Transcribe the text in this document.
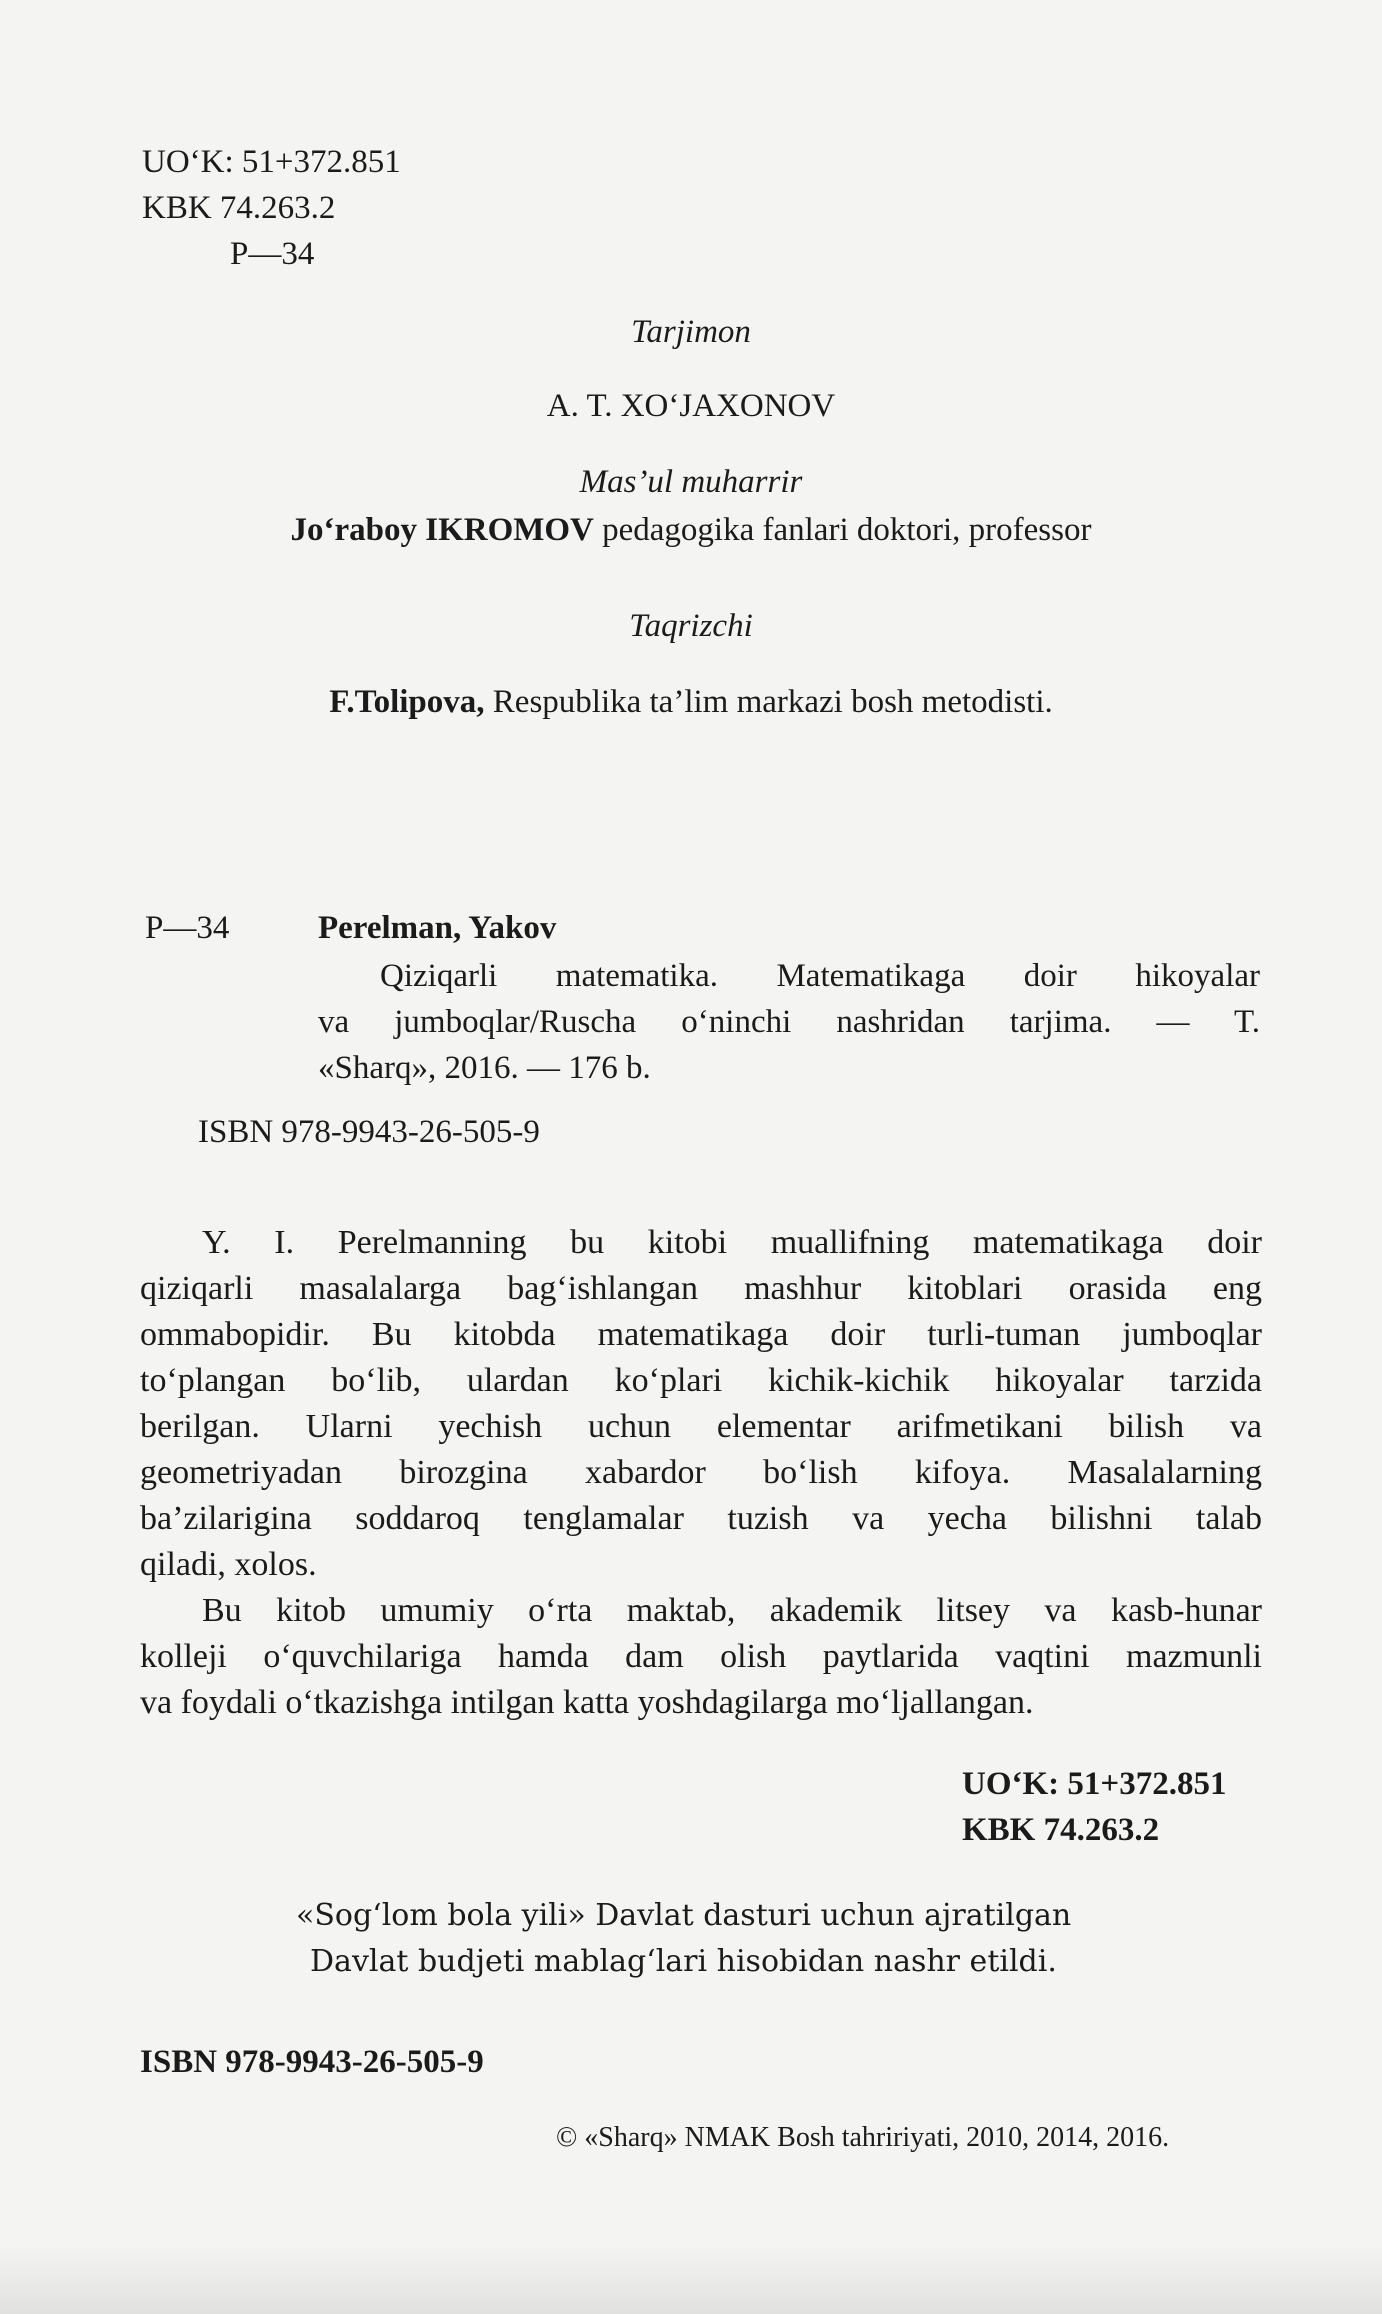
UO‘K: 51+372.851
KBK 74.263.2
P—34
Tarjimon
A. T. XO‘JAXONOV
Mas’ul muharrir
Jo‘raboy IKROMOV pedagogika fanlari doktori, professor
Taqrizchi
F.Tolipova, Respublika ta’lim markazi bosh metodisti.
P—34	Perelman, Yakov
Qiziqarli matematika. Matematikaga doir hikoyalar
va jumboqlar/Ruscha o‘ninchi nashridan tarjima. — T.
«Sharq», 2016. — 176 b.
ISBN 978-9943-26-505-9

Y. I. Perelmanning bu kitobi muallifning matematikaga doir

qiziqarli masalalarga bag‘ishlangan mashhur kitoblari orasida eng

ommabopidir. Bu kitobda matematikaga doir turli-tuman jumboqlar

to‘plangan bo‘lib, ulardan ko‘plari kichik-kichik hikoyalar tarzida

berilgan. Ularni yechish uchun elementar arifmetikani bilish va

geometriyadan birozgina xabardor bo‘lish kifoya. Masalalarning

ba’zilarigina soddaroq tenglamalar tuzish va yecha bilishni talab

qiladi, xolos.

Bu kitob umumiy o‘rta maktab, akademik litsey va kasb-hunar

kolleji o‘quvchilariga hamda dam olish paytlarida vaqtini mazmunli

va foydali o‘tkazishga intilgan katta yoshdagilarga mo‘ljallangan.

UO‘K: 51+372.851
KBK 74.263.2
«Sog‘lom bola yili» Davlat dasturi uchun ajratilgan
Davlat budjeti mablag‘lari hisobidan nashr etildi.
ISBN 978-9943-26-505-9
© «Sharq» NMAK Bosh tahririyati, 2010, 2014, 2016.
